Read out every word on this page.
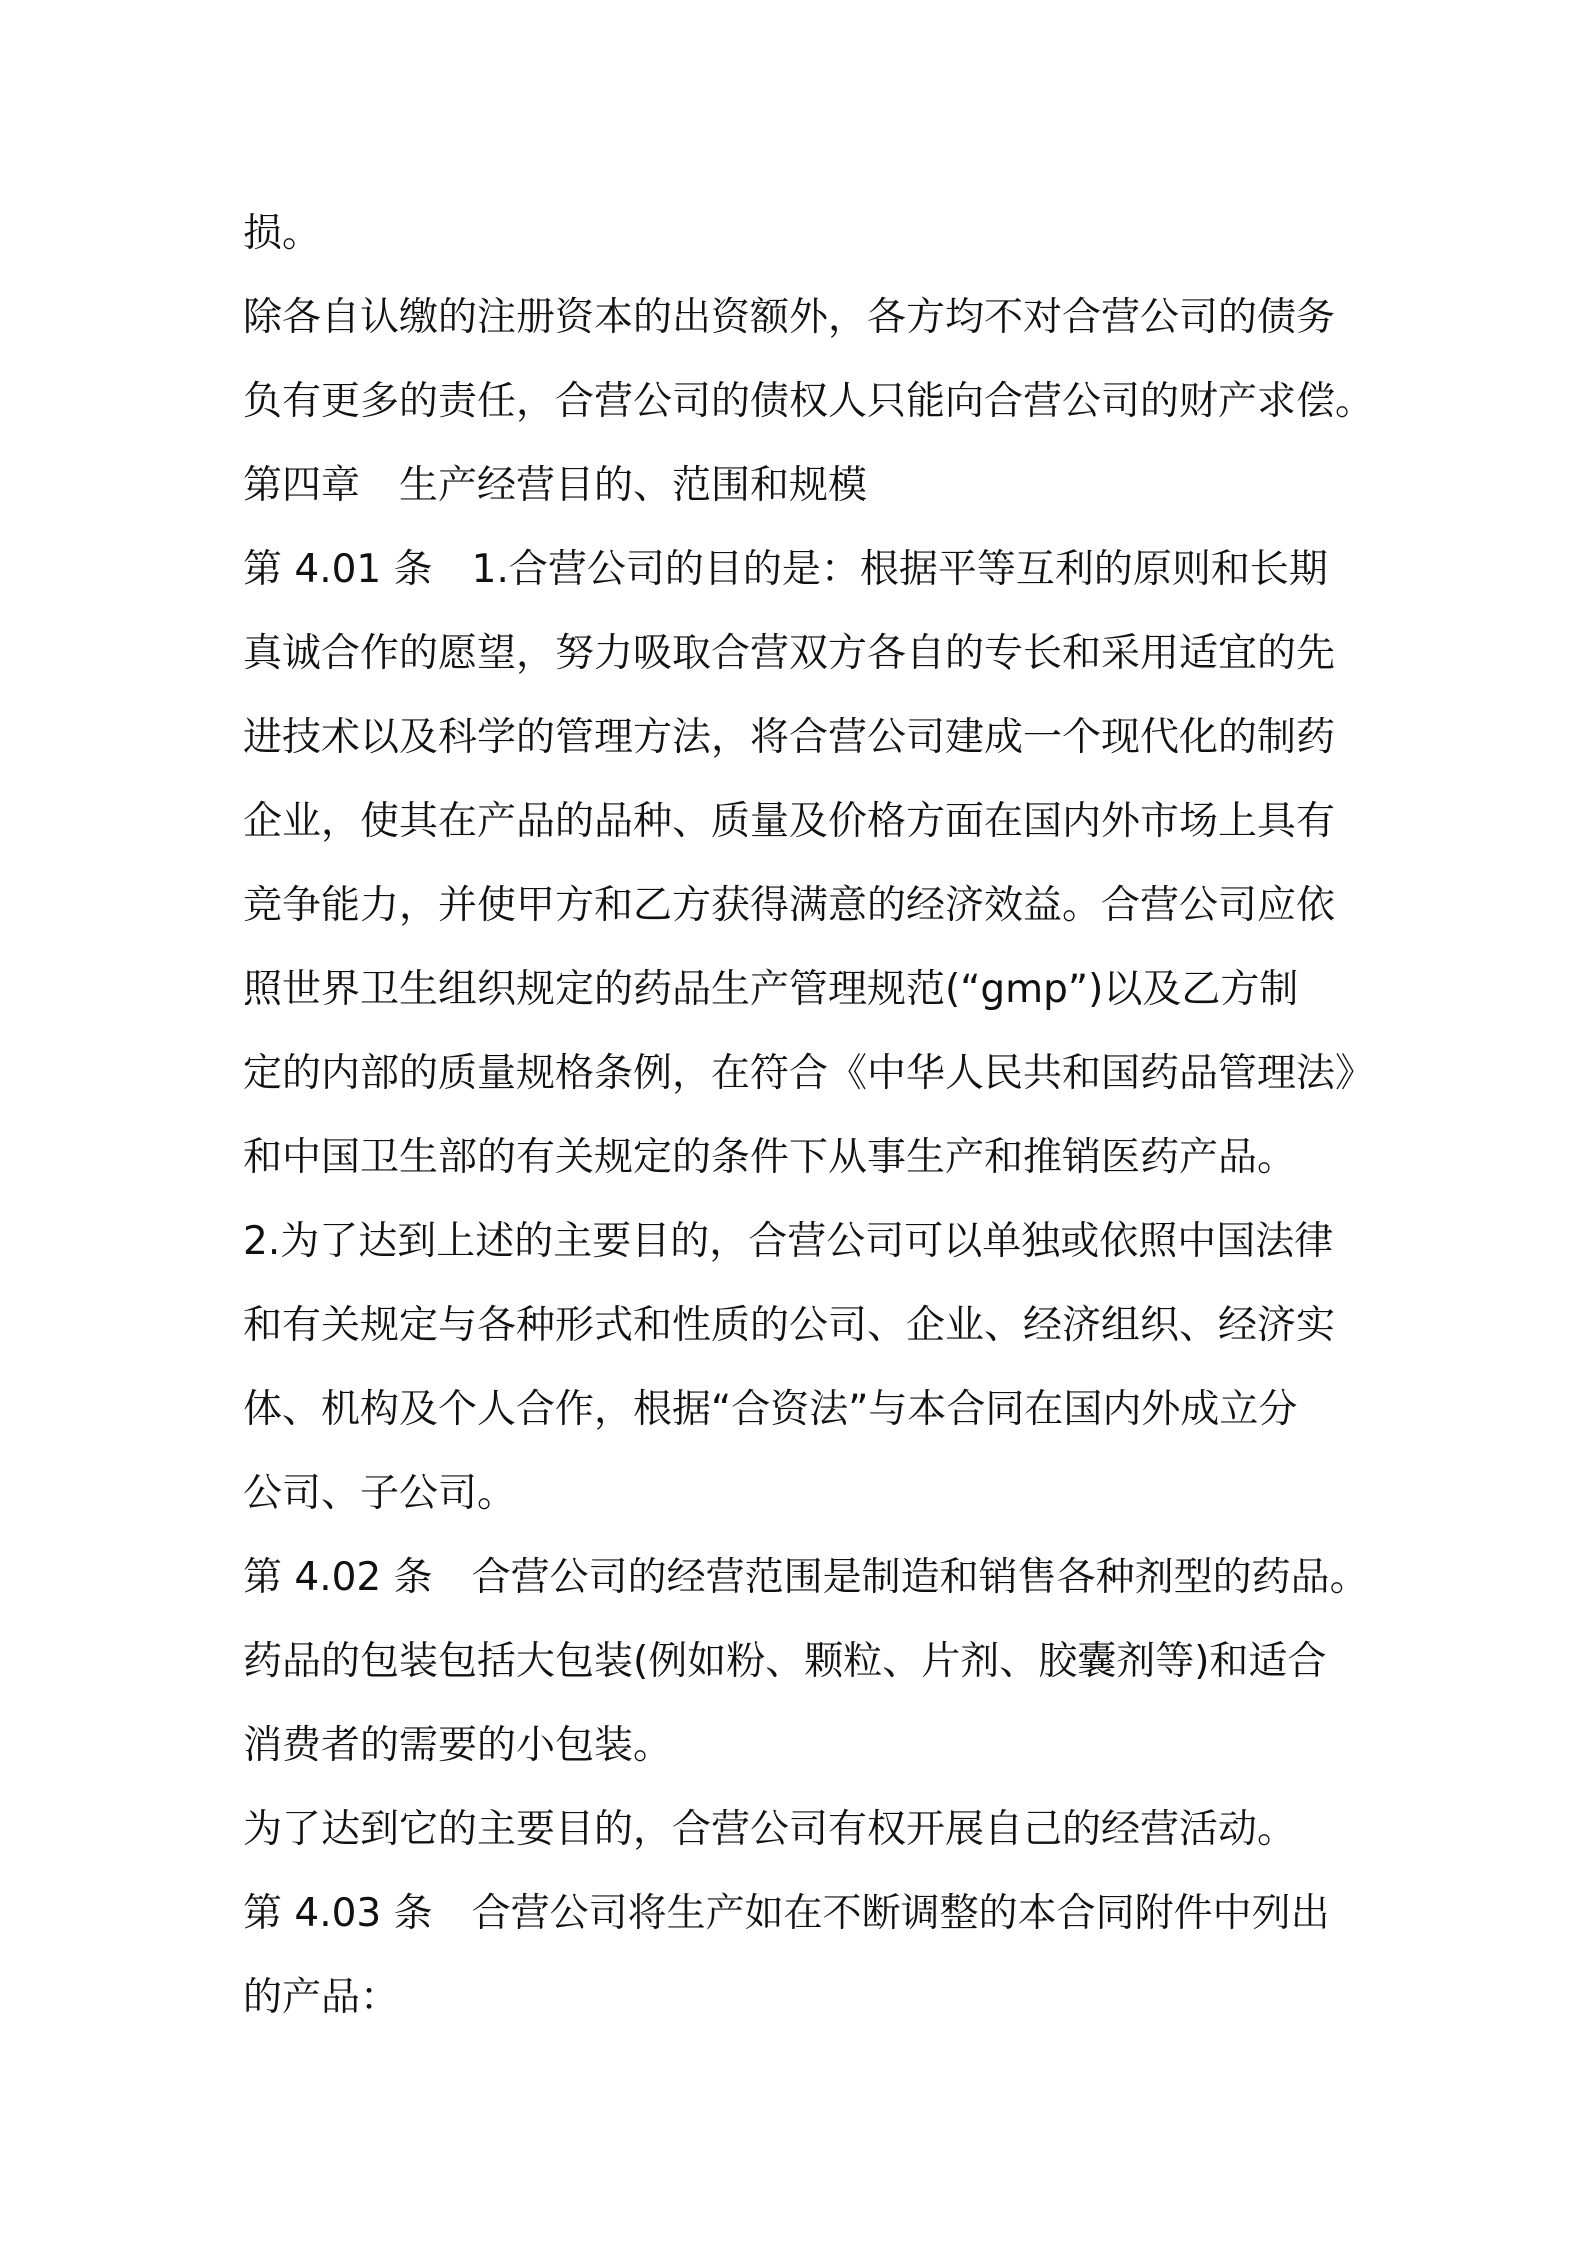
损。
除各自认缴的注册资本的出资额外，各方均不对合营公司的债务
负有更多的责任，合营公司的债权人只能向合营公司的财产求偿。
第四章　生产经营目的、范围和规模
第 4.01 条　1.合营公司的目的是：根据平等互利的原则和长期
真诚合作的愿望，努力吸取合营双方各自的专长和采用适宜的先
进技术以及科学的管理方法，将合营公司建成一个现代化的制药
企业，使其在产品的品种、质量及价格方面在国内外市场上具有
竞争能力，并使甲方和乙方获得满意的经济效益。合营公司应依
照世界卫生组织规定的药品生产管理规范(“gmp”)以及乙方制
定的内部的质量规格条例，在符合《中华人民共和国药品管理法》
和中国卫生部的有关规定的条件下从事生产和推销医药产品。
2.为了达到上述的主要目的，合营公司可以单独或依照中国法律
和有关规定与各种形式和性质的公司、企业、经济组织、经济实
体、机构及个人合作，根据“合资法”与本合同在国内外成立分
公司、子公司。
第 4.02 条　合营公司的经营范围是制造和销售各种剂型的药品。
药品的包装包括大包装(例如粉、颗粒、片剂、胶囊剂等)和适合
消费者的需要的小包装。
为了达到它的主要目的，合营公司有权开展自己的经营活动。
第 4.03 条　合营公司将生产如在不断调整的本合同附件中列出
的产品：
